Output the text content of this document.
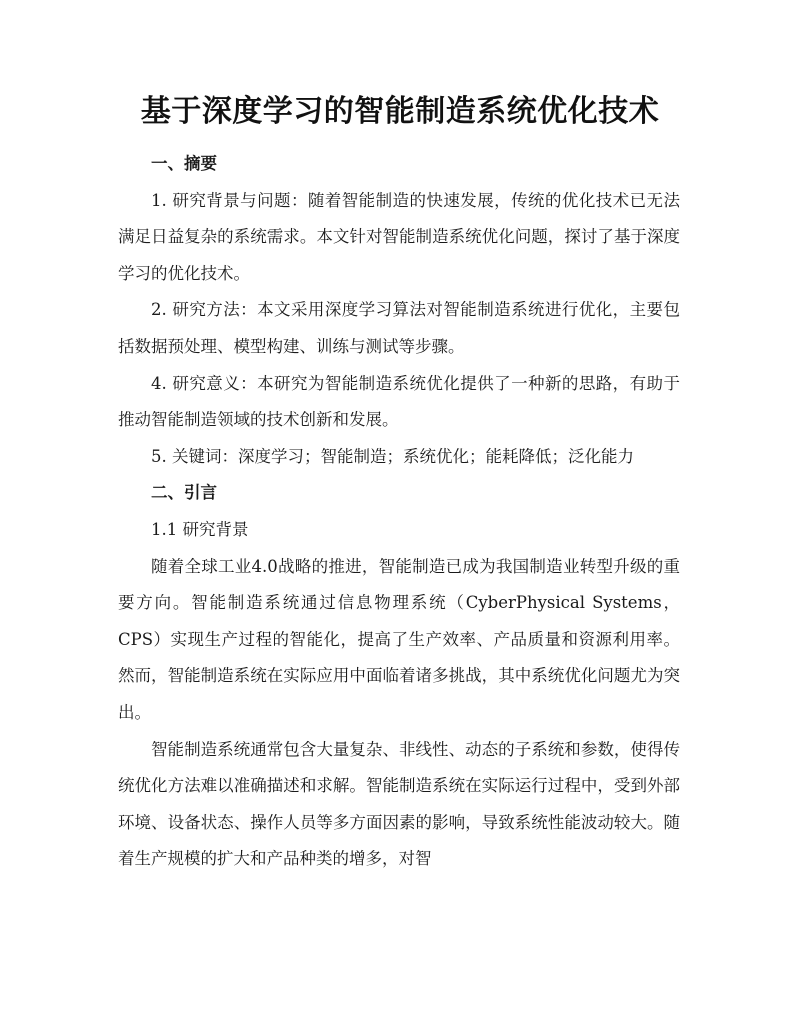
基于深度学习的智能制造系统优化技术
一、摘要

1. 研究背景与问题：随着智能制造的快速发展，传统的优化技术已无法满足日益复杂的系统需求。本文针对智能制造系统优化问题，探讨了基于深度学习的优化技术。

2. 研究方法：本文采用深度学习算法对智能制造系统进行优化，主要包括数据预处理、模型构建、训练与测试等步骤。

4. 研究意义：本研究为智能制造系统优化提供了一种新的思路，有助于推动智能制造领域的技术创新和发展。

5. 关键词：深度学习；智能制造；系统优化；能耗降低；泛化能力

二、引言
1.1 研究背景

随着全球工业4.0战略的推进，智能制造已成为我国制造业转型升级的重要方向。智能制造系统通过信息物理系统（CyberPhysical Systems，CPS）实现生产过程的智能化，提高了生产效率、产品质量和资源利用率。然而，智能制造系统在实际应用中面临着诸多挑战，其中系统优化问题尤为突出。

智能制造系统通常包含大量复杂、非线性、动态的子系统和参数，使得传统优化方法难以准确描述和求解。智能制造系统在实际运行过程中，受到外部环境、设备状态、操作人员等多方面因素的影响，导致系统性能波动较大。随着生产规模的扩大和产品种类的增多，对智
